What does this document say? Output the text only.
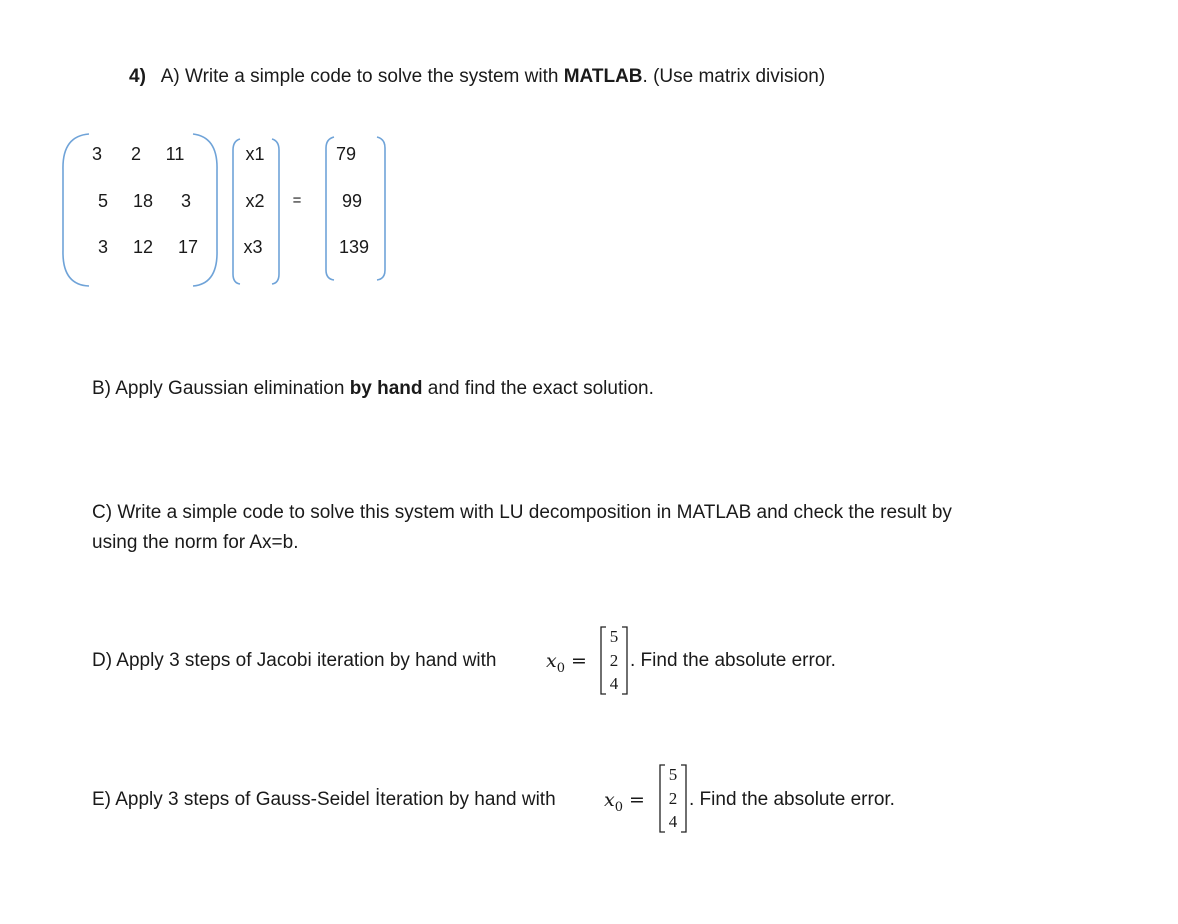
4) A) Write a simple code to solve the system with MATLAB. (Use matrix division)
3	2	11
5	18	3
3	12	17
x1
x2
x3
=
79
99
139
B) Apply Gaussian elimination by hand and find the exact solution.
C) Write a simple code to solve this system with LU decomposition in MATLAB and check the result by
using the norm for Ax=b.
D) Apply 3 steps of Jacobi iteration by hand with	$x_0$ =
5
2
4
. Find the absolute error.
E) Apply 3 steps of Gauss-Seidel İteration by hand with	$x_0$ =
5
2
4
. Find the absolute error.
